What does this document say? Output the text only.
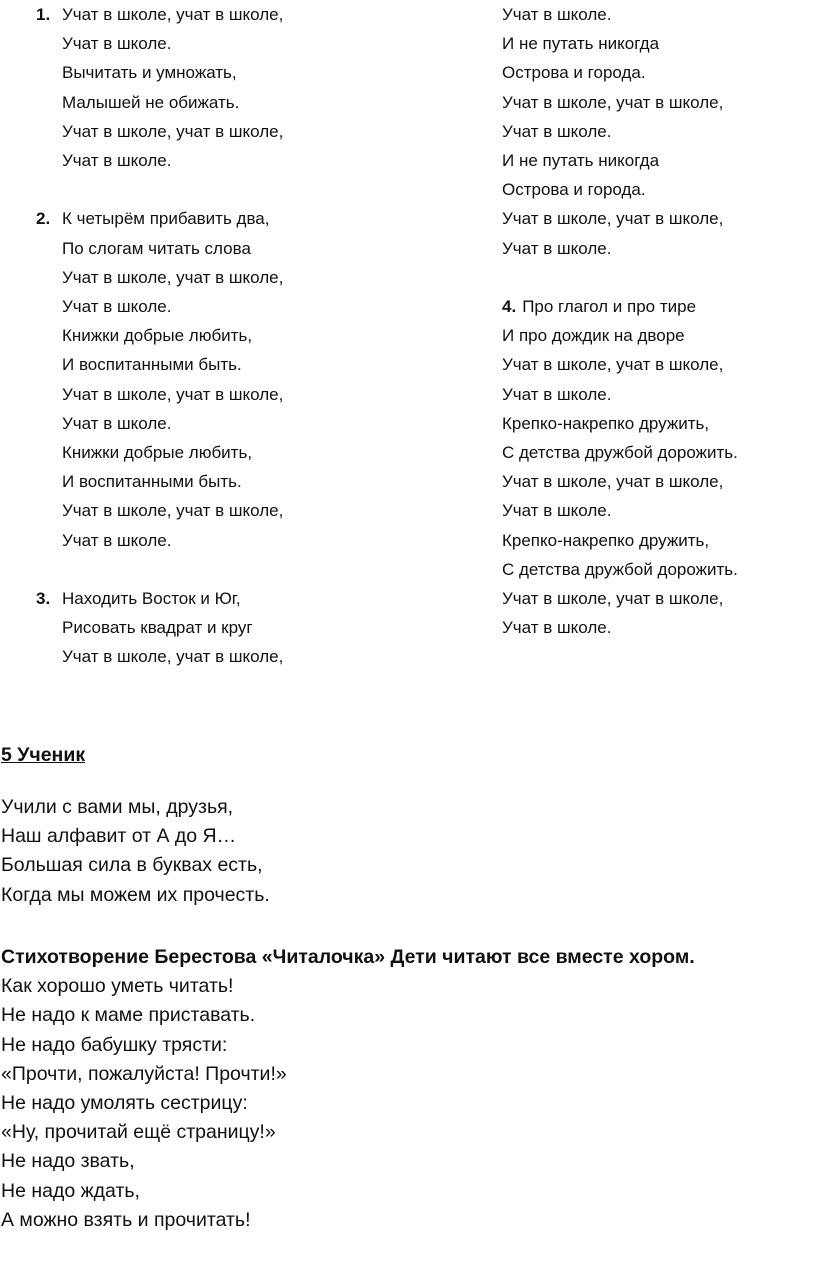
1. Учат в школе, учат в школе,
Учат в школе.
Вычитать и умножать,
Малышей не обижать.
Учат в школе, учат в школе,
Учат в школе.
2. К четырём прибавить два,
По слогам читать слова
Учат в школе, учат в школе,
Учат в школе.
Книжки добрые любить,
И воспитанными быть.
Учат в школе, учат в школе,
Учат в школе.
Книжки добрые любить,
И воспитанными быть.
Учат в школе, учат в школе,
Учат в школе.
3. Находить Восток и Юг,
Рисовать квадрат и круг
Учат в школе, учат в школе,
Учат в школе.
И не путать никогда
Острова и города.
Учат в школе, учат в школе,
Учат в школе.
И не путать никогда
Острова и города.
Учат в школе, учат в школе,
Учат в школе.
4. Про глагол и про тире
И про дождик на дворе
Учат в школе, учат в школе,
Учат в школе.
Крепко-накрепко дружить,
С детства дружбой дорожить.
Учат в школе, учат в школе,
Учат в школе.
Крепко-накрепко дружить,
С детства дружбой дорожить.
Учат в школе, учат в школе,
Учат в школе.
5 Ученик
Учили с вами мы, друзья,
Наш алфавит от А до Я…
Большая сила в буквах есть,
Когда мы можем их прочесть.
Стихотворение Берестова «Читалочка» Дети читают все вместе хором.
Как хорошо уметь читать!
Не надо к маме приставать.
Не надо бабушку трясти:
«Прочти, пожалуйста! Прочти!»
Не надо умолять сестрицу:
«Ну, прочитай ещё страницу!»
Не надо звать,
Не надо ждать,
А можно взять и прочитать!
